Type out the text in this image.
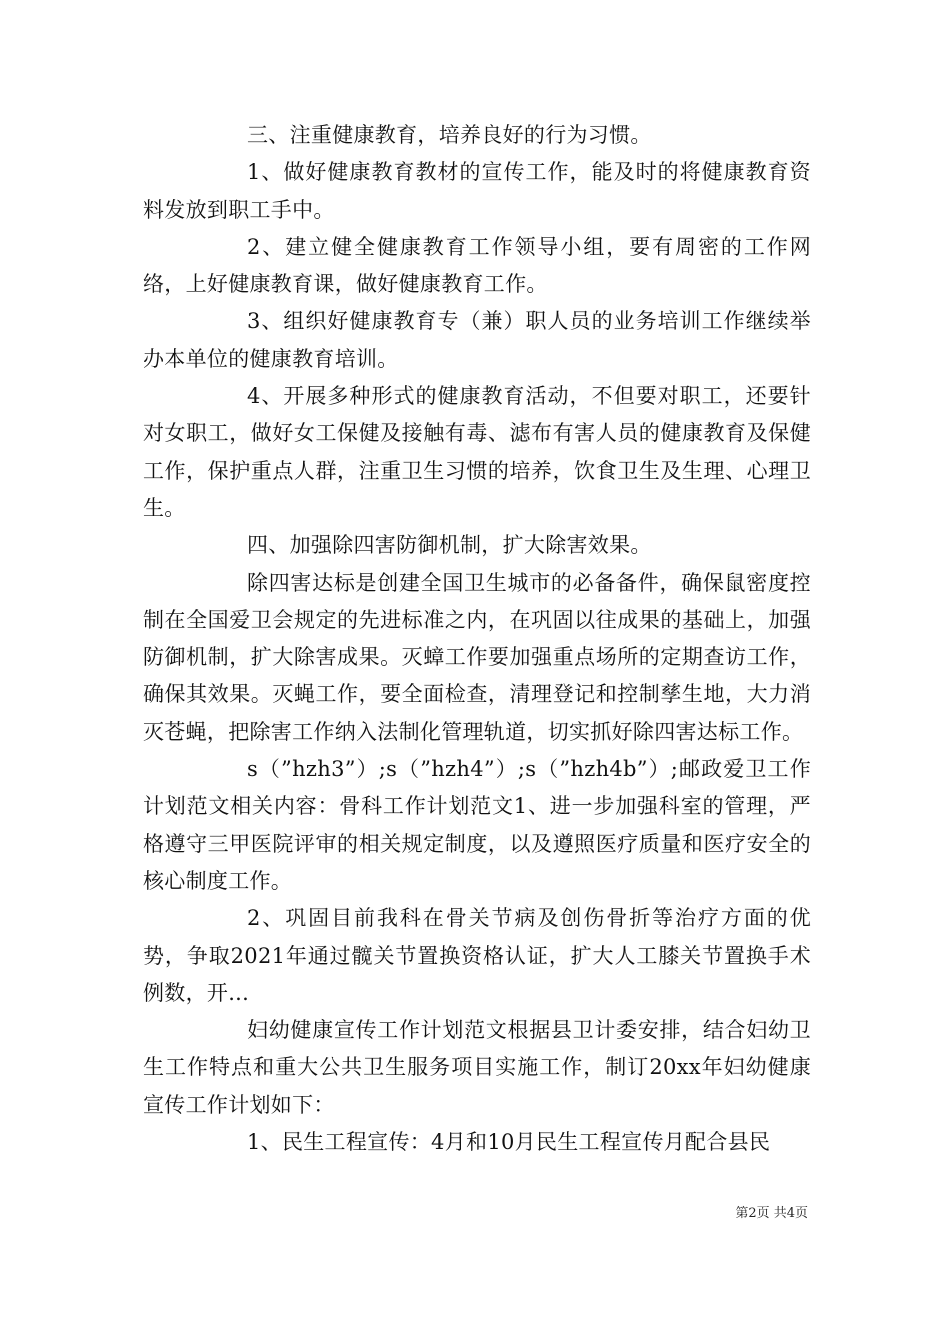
三、注重健康教育，培养良好的行为习惯。

1、做好健康教育教材的宣传工作，能及时的将健康教育资料发放到职工手中。

2、建立健全健康教育工作领导小组，要有周密的工作网络，上好健康教育课，做好健康教育工作。

3、组织好健康教育专（兼）职人员的业务培训工作继续举办本单位的健康教育培训。

4、开展多种形式的健康教育活动，不但要对职工，还要针对女职工，做好女工保健及接触有毒、滤布有害人员的健康教育及保健工作，保护重点人群，注重卫生习惯的培养，饮食卫生及生理、心理卫生。

四、加强除四害防御机制，扩大除害效果。

除四害达标是创建全国卫生城市的必备备件，确保鼠密度控制在全国爱卫会规定的先进标准之内，在巩固以往成果的基础上，加强防御机制，扩大除害成果。灭蟑工作要加强重点场所的定期查访工作，确保其效果。灭蝇工作，要全面检查，清理登记和控制孳生地，大力消灭苍蝇，把除害工作纳入法制化管理轨道，切实抓好除四害达标工作。

s（”hzh3”）;s（”hzh4”）;s（”hzh4b”）;邮政爱卫工作计划范文相关内容：骨科工作计划范文1、进一步加强科室的管理，严格遵守三甲医院评审的相关规定制度，以及遵照医疗质量和医疗安全的核心制度工作。

2、巩固目前我科在骨关节病及创伤骨折等治疗方面的优势，争取2021年通过髋关节置换资格认证，扩大人工膝关节置换手术例数，开...

妇幼健康宣传工作计划范文根据县卫计委安排，结合妇幼卫生工作特点和重大公共卫生服务项目实施工作，制订20xx年妇幼健康宣传工作计划如下：

1、民生工程宣传：4月和10月民生工程宣传月配合县民

第2页 共4页
